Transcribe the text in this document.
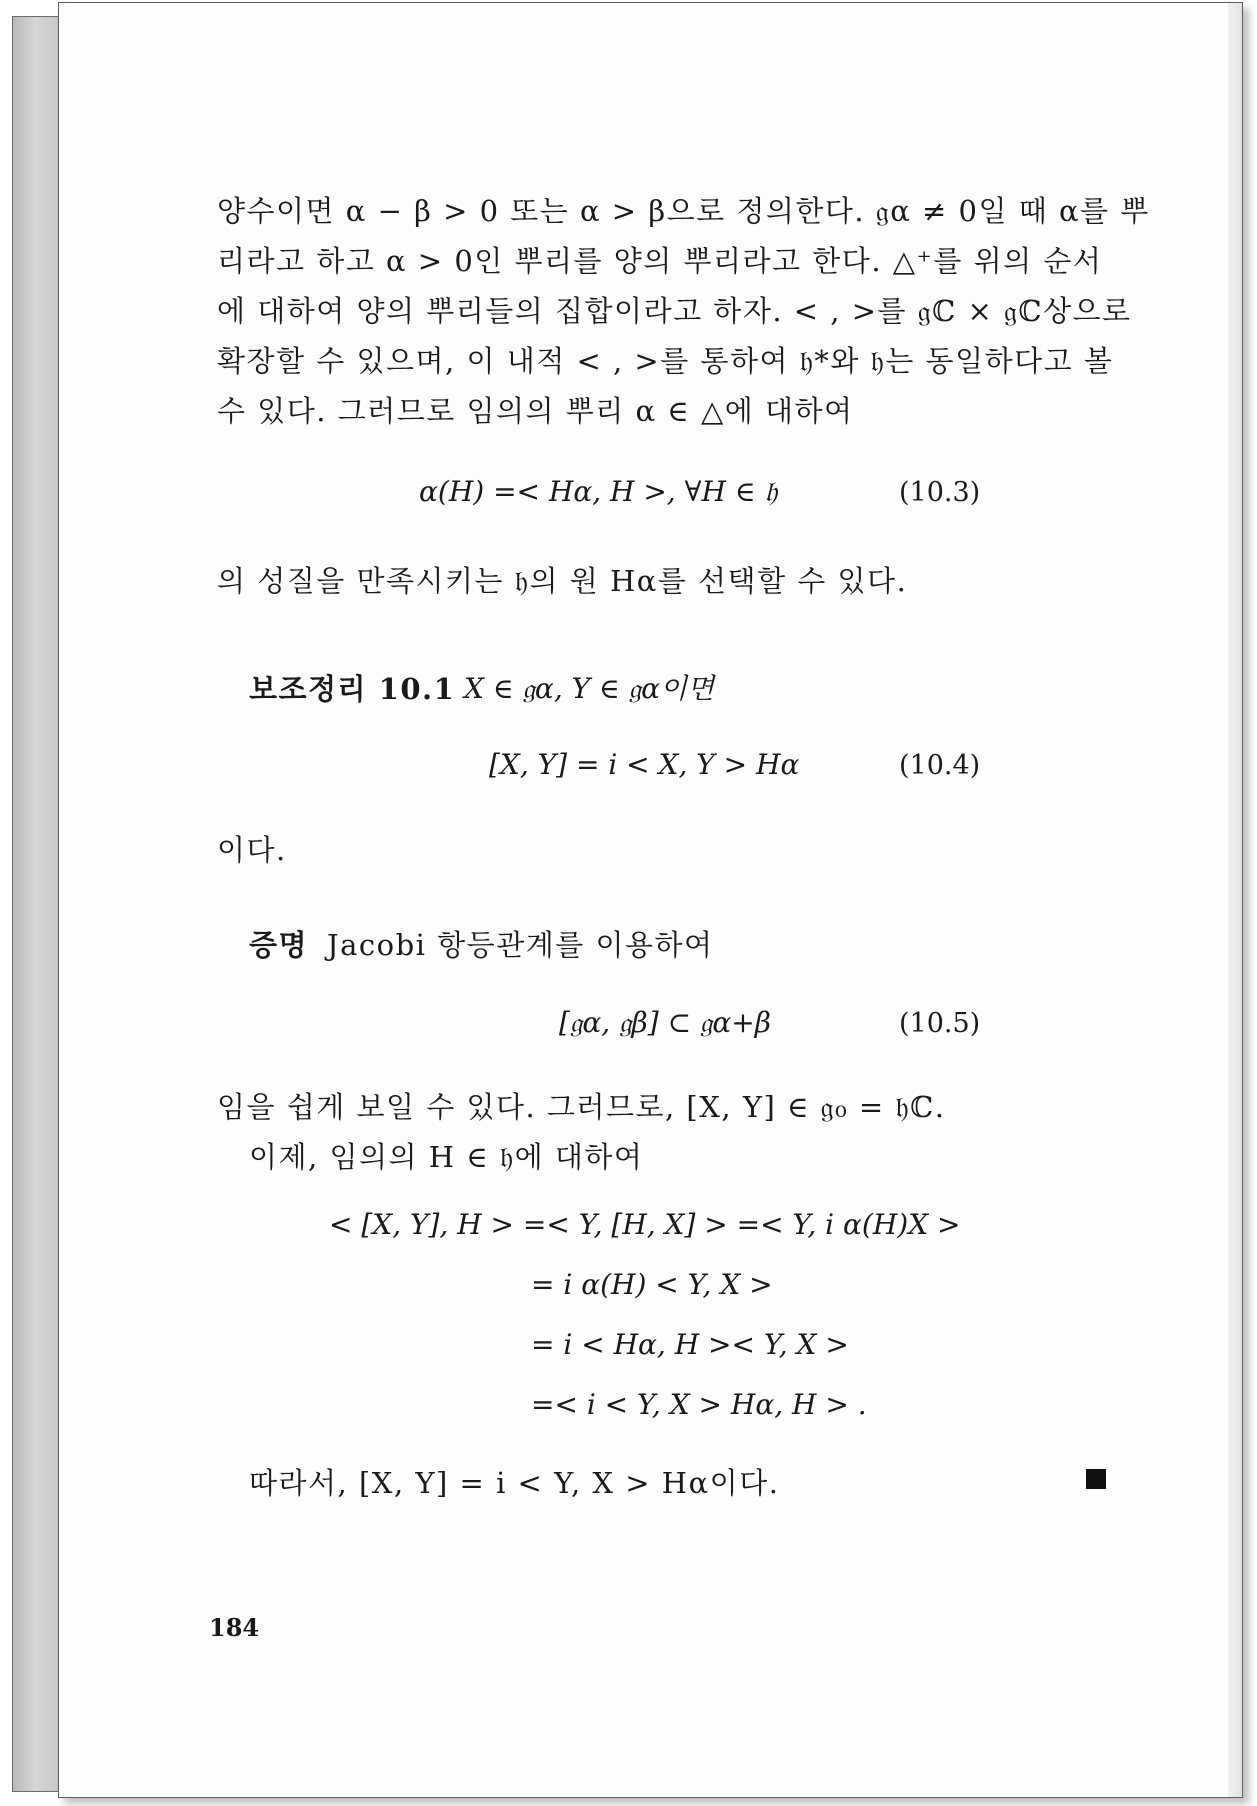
양수이면 α − β > 0 또는 α > β으로 정의한다. 𝔤α ≠ 0일 때 α를 뿌
리라고 하고 α > 0인 뿌리를 양의 뿌리라고 한다. △⁺를 위의 순서
에 대하여 양의 뿌리들의 집합이라고 하자. < , >를 𝔤ℂ × 𝔤ℂ상으로
확장할 수 있으며, 이 내적 < , >를 통하여 𝔥*와 𝔥는 동일하다고 볼
수 있다. 그러므로 임의의 뿌리 α ∈ △에 대하여
α(H) =< Hα, H >, ∀H ∈ 𝔥	(10.3)
의 성질을 만족시키는 𝔥의 원 Hα를 선택할 수 있다.
보조정리 10.1 X ∈ 𝔤α, Y ∈ 𝔤α이면
[X, Y] = i < X, Y > Hα	(10.4)
이다.
증명 Jacobi 항등관계를 이용하여
[𝔤α, 𝔤β] ⊂ 𝔤α+β	(10.5)
임을 쉽게 보일 수 있다. 그러므로, [X, Y] ∈ 𝔤₀ = 𝔥ℂ.
이제, 임의의 H ∈ 𝔥에 대하여
< [X, Y], H > =< Y, [H, X] > =< Y, i α(H)X >
= i α(H) < Y, X >
= i < Hα, H >< Y, X >
=< i < Y, X > Hα, H > .
따라서, [X, Y] = i < Y, X > Hα이다.
184
